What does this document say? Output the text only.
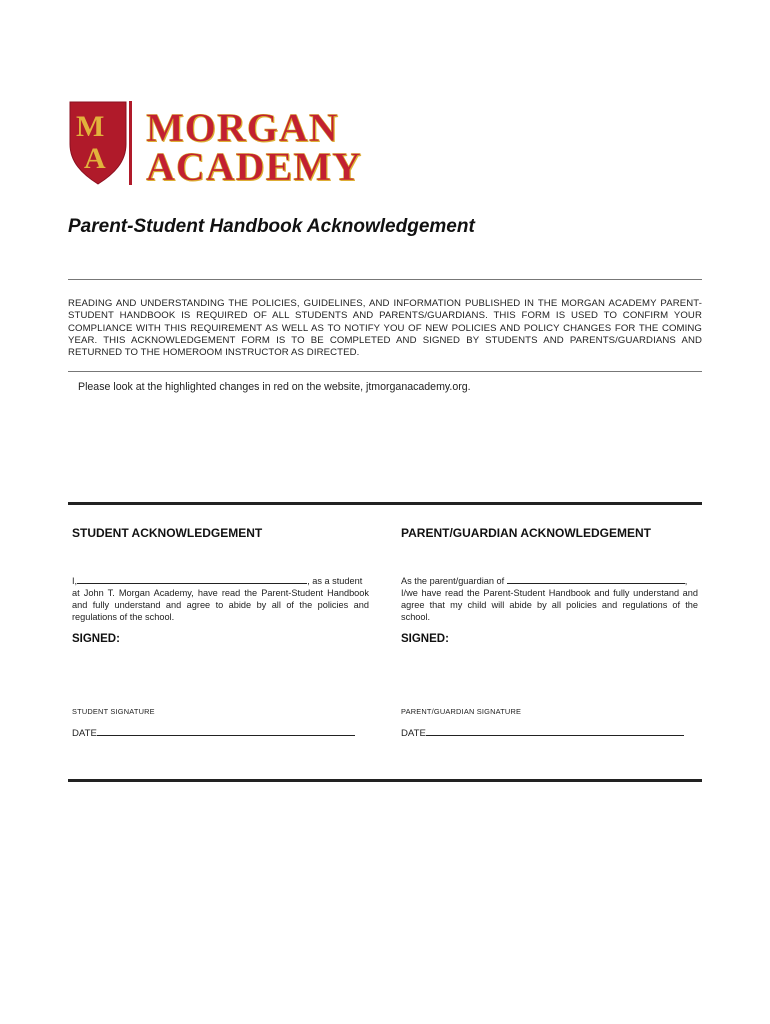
M
A
MORGAN
ACADEMY
Parent-Student Handbook Acknowledgement
READING AND UNDERSTANDING THE POLICIES, GUIDELINES, AND INFORMATION PUBLISHED IN THE MORGAN ACADEMY PARENT-STUDENT HANDBOOK IS REQUIRED OF ALL STUDENTS AND PARENTS/GUARDIANS. THIS FORM IS USED TO CONFIRM YOUR COMPLIANCE WITH THIS REQUIREMENT AS WELL AS TO NOTIFY YOU OF NEW POLICIES AND POLICY CHANGES FOR THE COMING YEAR. THIS ACKNOWLEDGEMENT FORM IS TO BE COMPLETED AND SIGNED BY STUDENTS AND PARENTS/GUARDIANS AND RETURNED TO THE HOMEROOM INSTRUCTOR AS DIRECTED.
Please look at the highlighted changes in red on the website, jtmorganacademy.org.
STUDENT ACKNOWLEDGEMENT
I,	, as a student
at John T. Morgan Academy, have read the Parent-Student Handbook and fully understand and agree to abide by all of the policies and regulations of the school.
SIGNED:
STUDENT SIGNATURE
DATE
PARENT/GUARDIAN ACKNOWLEDGEMENT
As the parent/guardian of	,
I/we have read the Parent-Student Handbook and fully understand and agree that my child will abide by all policies and regulations of the school.
SIGNED:
PARENT/GUARDIAN SIGNATURE
DATE
